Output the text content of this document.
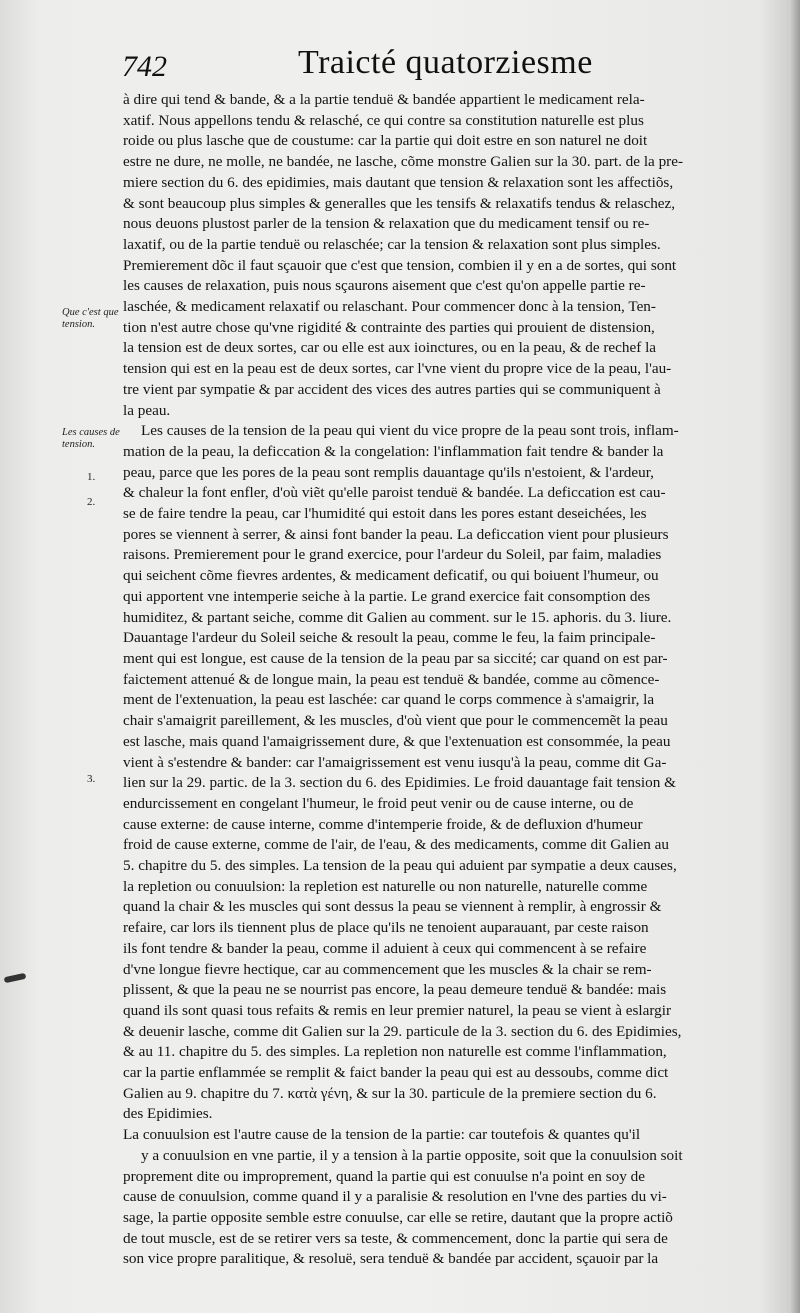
742	Traicté quatorziesme
Que c'est que tension.
Les causes de tension.
1.
2.
3.
à dire qui tend & bande, & a la partie tenduë & bandée appartient le medicament rela-
xatif. Nous appellons tendu & relasché, ce qui contre sa constitution naturelle est plus
roide ou plus lasche que de coustume: car la partie qui doit estre en son naturel ne doit
estre ne dure, ne molle, ne bandée, ne lasche, cõme monstre Galien sur la 30. part. de la pre-
miere section du 6. des epidimies, mais dautant que tension & relaxation sont les affectiõs,
& sont beaucoup plus simples & generalles que les tensifs & relaxatifs tendus & relaschez,
nous deuons plustost parler de la tension & relaxation que du medicament tensif ou re-
laxatif, ou de la partie tenduë ou relaschée; car la tension & relaxation sont plus simples.
Premierement dõc il faut sçauoir que c'est que tension, combien il y en a de sortes, qui sont
les causes de relaxation, puis nous sçaurons aisement que c'est qu'on appelle partie re-
laschée, & medicament relaxatif ou relaschant. Pour commencer donc à la tension, Ten-
tion n'est autre chose qu'vne rigidité & contrainte des parties qui prouient de distension,
la tension est de deux sortes, car ou elle est aux ioinctures, ou en la peau, & de rechef la
tension qui est en la peau est de deux sortes, car l'vne vient du propre vice de la peau, l'au-
tre vient par sympatie & par accident des vices des autres parties qui se communiquent à
la peau.
Les causes de la tension de la peau qui vient du vice propre de la peau sont trois, inflam-
mation de la peau, la deficcation & la congelation: l'inflammation fait tendre & bander la
peau, parce que les pores de la peau sont remplis dauantage qu'ils n'estoient, & l'ardeur,
& chaleur la font enfler, d'où viẽt qu'elle paroist tenduë & bandée. La deficcation est cau-
se de faire tendre la peau, car l'humidité qui estoit dans les pores estant deseichées, les
pores se viennent à serrer, & ainsi font bander la peau. La deficcation vient pour plusieurs
raisons. Premierement pour le grand exercice, pour l'ardeur du Soleil, par faim, maladies
qui seichent cõme fievres ardentes, & medicament deficatif, ou qui boiuent l'humeur, ou
qui apportent vne intemperie seiche à la partie. Le grand exercice fait consomption des
humiditez, & partant seiche, comme dit Galien au comment. sur le 15. aphoris. du 3. liure.
Dauantage l'ardeur du Soleil seiche & resoult la peau, comme le feu, la faim principale-
ment qui est longue, est cause de la tension de la peau par sa siccité; car quand on est par-
faictement attenué & de longue main, la peau est tenduë & bandée, comme au cõmence-
ment de l'extenuation, la peau est laschée: car quand le corps commence à s'amaigrir, la
chair s'amaigrit pareillement, & les muscles, d'où vient que pour le commencemẽt la peau
est lasche, mais quand l'amaigrissement dure, & que l'extenuation est consommée, la peau
vient à s'estendre & bander: car l'amaigrissement est venu iusqu'à la peau, comme dit Ga-
lien sur la 29. partic. de la 3. section du 6. des Epidimies. Le froid dauantage fait tension &
endurcissement en congelant l'humeur, le froid peut venir ou de cause interne, ou de
cause externe: de cause interne, comme d'intemperie froide, & de defluxion d'humeur
froid de cause externe, comme de l'air, de l'eau, & des medicaments, comme dit Galien au
5. chapitre du 5. des simples. La tension de la peau qui aduient par sympatie a deux causes,
la repletion ou conuulsion: la repletion est naturelle ou non naturelle, naturelle comme
quand la chair & les muscles qui sont dessus la peau se viennent à remplir, à engrossir &
refaire, car lors ils tiennent plus de place qu'ils ne tenoient auparauant, par ceste raison
ils font tendre & bander la peau, comme il aduient à ceux qui commencent à se refaire
d'vne longue fievre hectique, car au commencement que les muscles & la chair se rem-
plissent, & que la peau ne se nourrist pas encore, la peau demeure tenduë & bandée: mais
quand ils sont quasi tous refaits & remis en leur premier naturel, la peau se vient à eslargir
& deuenir lasche, comme dit Galien sur la 29. particule de la 3. section du 6. des Epidimies,
& au 11. chapitre du 5. des simples. La repletion non naturelle est comme l'inflammation,
car la partie enflammée se remplit & faict bander la peau qui est au dessoubs, comme dict
Galien au 9. chapitre du 7. κατὰ γένη, & sur la 30. particule de la premiere section du 6.
des Epidimies.
La conuulsion est l'autre cause de la tension de la partie: car toutefois & quantes qu'il
y a conuulsion en vne partie, il y a tension à la partie opposite, soit que la conuulsion soit
proprement dite ou improprement, quand la partie qui est conuulse n'a point en soy de
cause de conuulsion, comme quand il y a paralisie & resolution en l'vne des parties du vi-
sage, la partie opposite semble estre conuulse, car elle se retire, dautant que la propre actiõ
de tout muscle, est de se retirer vers sa teste, & commencement, donc la partie qui sera de
son vice propre paralitique, & resoluë, sera tenduë & bandée par accident, sçauoir par la
